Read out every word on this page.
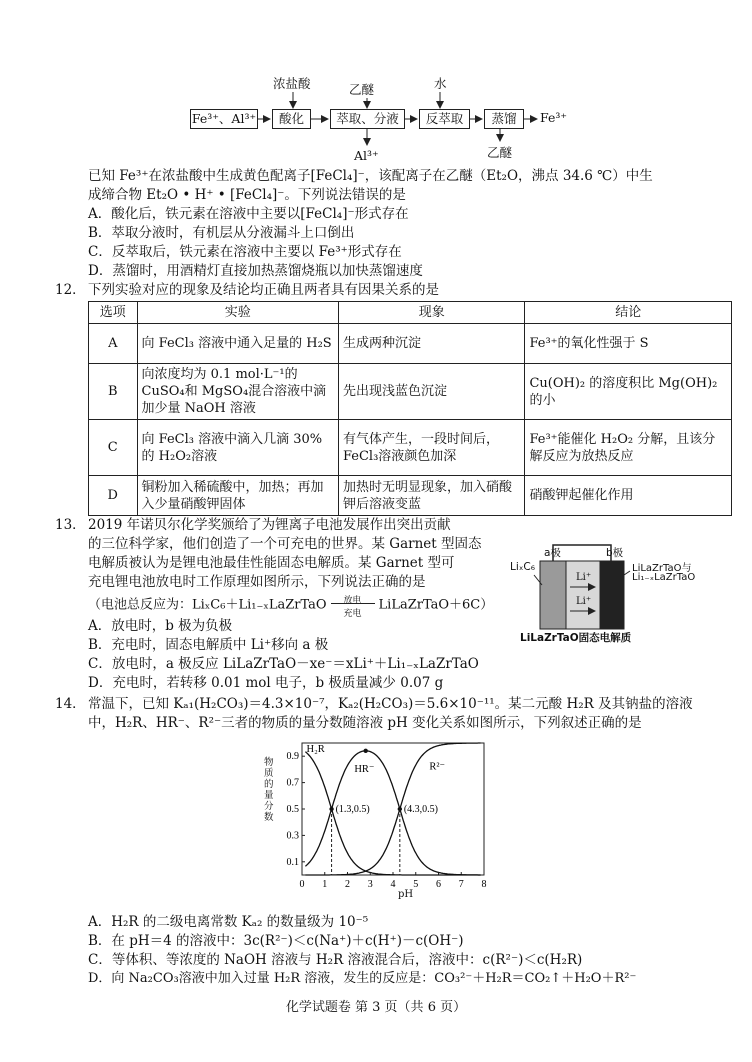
浓盐酸	乙醚	水
Fe³⁺、Al³⁺	酸化	萃取、分液	反萃取	蒸馏	Fe³⁺
Al³⁺	乙醚
已知 Fe³⁺在浓盐酸中生成黄色配离子[FeCl₄]⁻，该配离子在乙醚（Et₂O，沸点 34.6 ℃）中生
成缔合物 Et₂O • H⁺ • [FeCl₄]⁻。下列说法错误的是
A．酸化后，铁元素在溶液中主要以[FeCl₄]⁻形式存在
B．萃取分液时，有机层从分液漏斗上口倒出
C．反萃取后，铁元素在溶液中主要以 Fe³⁺形式存在
D．蒸馏时，用酒精灯直接加热蒸馏烧瓶以加快蒸馏速度
12． 下列实验对应的现象及结论均正确且两者具有因果关系的是
选项	实验	现象	结论
A	向 FeCl₃ 溶液中通入足量的 H₂S	生成两种沉淀	Fe³⁺的氧化性强于 S
B	向浓度均为 0.1 mol·L⁻¹的 CuSO₄和 MgSO₄混合溶液中滴加少量 NaOH 溶液	先出现浅蓝色沉淀	Cu(OH)₂ 的溶度积比 Mg(OH)₂的小
C	向 FeCl₃ 溶液中滴入几滴 30%的 H₂O₂溶液	有气体产生，一段时间后，FeCl₃溶液颜色加深	Fe³⁺能催化 H₂O₂ 分解，且该分解反应为放热反应
D	铜粉加入稀硫酸中，加热；再加入少量硝酸钾固体	加热时无明显现象，加入硝酸钾后溶液变蓝	硝酸钾起催化作用
13． 2019 年诺贝尔化学奖颁给了为锂离子电池发展作出突出贡献
的三位科学家，他们创造了一个可充电的世界。某 Garnet 型固态
电解质被认为是锂电池最佳性能固态电解质。某 Garnet 型可
充电锂电池放电时工作原理如图所示，下列说法正确的是
（电池总反应为：LiₓC₆＋Li₁₋ₓLaZrTaO	放电
充电
LiLaZrTaO＋6C）
A．放电时，b 极为负极
B．充电时，固态电解质中 Li⁺移向 a 极
C．放电时，a 极反应 LiLaZrTaO－xe⁻＝xLi⁺＋Li₁₋ₓLaZrTaO
D．充电时，若转移 0.01 mol 电子，b 极质量减少 0.07 g
a极	b极
LiₓC₆	LiLaZrTaO与
Li₁₋ₓLaZrTaO
Li⁺
Li⁺
LiLaZrTaO固态电解质
14． 常温下，已知 Kₐ₁(H₂CO₃)＝4.3×10⁻⁷，Kₐ₂(H₂CO₃)＝5.6×10⁻¹¹。某二元酸 H₂R 及其钠盐的溶液
中，H₂R、HR⁻、R²⁻三者的物质的量分数随溶液 pH 变化关系如图所示，下列叙述正确的是
0 1 2 3 4 5 6 7 8
0.1
0.3
0.5
0.7
0.9
H₂R
HR⁻	R²⁻
(1.3,0.5)	(4.3,0.5)
物质的量分数
pH
A．H₂R 的二级电离常数 Kₐ₂ 的数量级为 10⁻⁵
B．在 pH＝4 的溶液中：3c(R²⁻)＜c(Na⁺)＋c(H⁺)－c(OH⁻)
C．等体积、等浓度的 NaOH 溶液与 H₂R 溶液混合后，溶液中：c(R²⁻)＜c(H₂R)
D．向 Na₂CO₃溶液中加入过量 H₂R 溶液，发生的反应是：CO₃²⁻＋H₂R＝CO₂↑＋H₂O＋R²⁻
化学试题卷 第 3 页（共 6 页）
